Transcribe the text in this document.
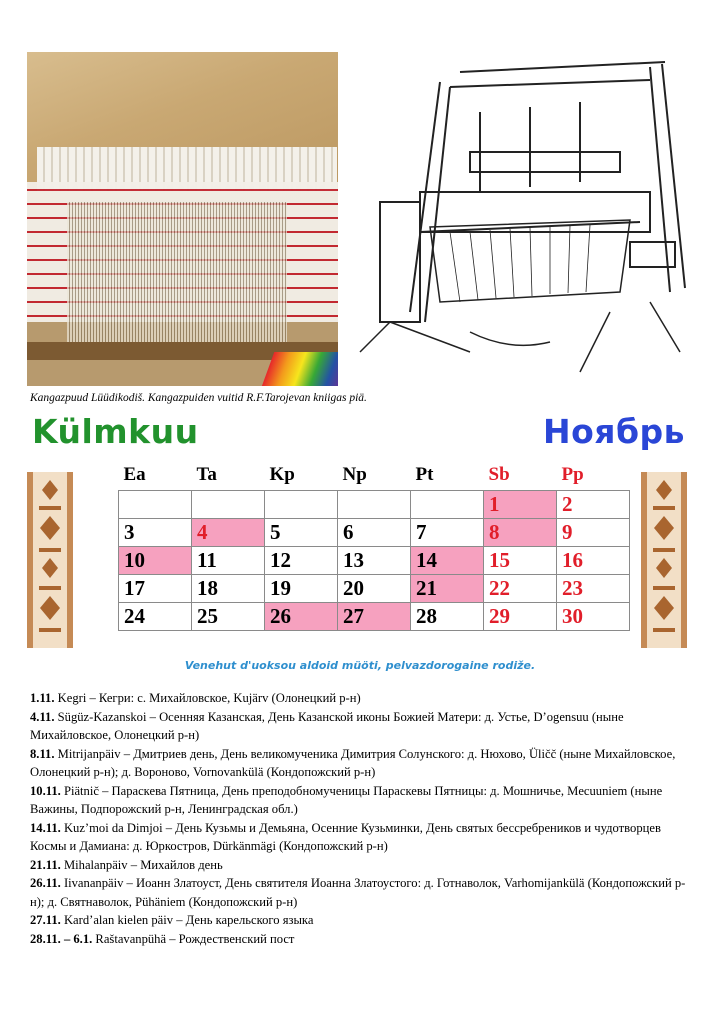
Kangazpuud Lüüdikodiš. Kangazpuiden vuitid R.F.Tarojevan kniigas piä.
Külmkuu	Ноябрь
Ea	Ta	Kp	Np	Pt	Sb	Pp
					1	2
3	4	5	6	7	8	9
10	11	12	13	14	15	16
17	18	19	20	21	22	23
24	25	26	27	28	29	30
Venehut d'uoksou aldoid müöti, pelvazdorogaine rodiže.

1.11. Kegri – Кегри: с. Михайловское, Kujärv (Олонецкий р-н)

4.11. Sügüz-Kazanskoi – Осенняя Казанская, День Казанской иконы Божией Матери: д. Устье, D’ogensuu (ныне Михайловское, Олонецкий р-н)

8.11. Mitrijanpäiv – Дмитриев день, День великомученика Димитрия Солунского: д. Нюхово, Üličč (ныне Михайловское, Олонецкий р-н); д. Вороново, Vornovankülä (Кондопожский р-н)

10.11. Piätnič – Параскева Пятница, День преподобномученицы Параскевы Пятницы: д. Мошничье, Mecuuniem (ныне Важины, Подпорожский р-н, Ленинградская обл.)

14.11. Kuz’moi da Dimjoi – День Кузьмы и Демьяна, Осенние Кузьминки, День святых бессребреников и чудотворцев Космы и Дамиана: д. Юркостров, Dürkänmägi (Кондопожский р-н)

21.11. Mihalanpäiv – Михайлов день

26.11. Iivananpäiv – Иоанн Златоуст, День святителя Иоанна Златоустого: д. Готнаволок, Varhomijankülä (Кондопожский р-н); д. Святнаволок, Pühäniem (Кондопожский р-н)

27.11. Kard’alan kielen päiv – День карельского языка

28.11. – 6.1. Raštavanpühä – Рождественский пост
